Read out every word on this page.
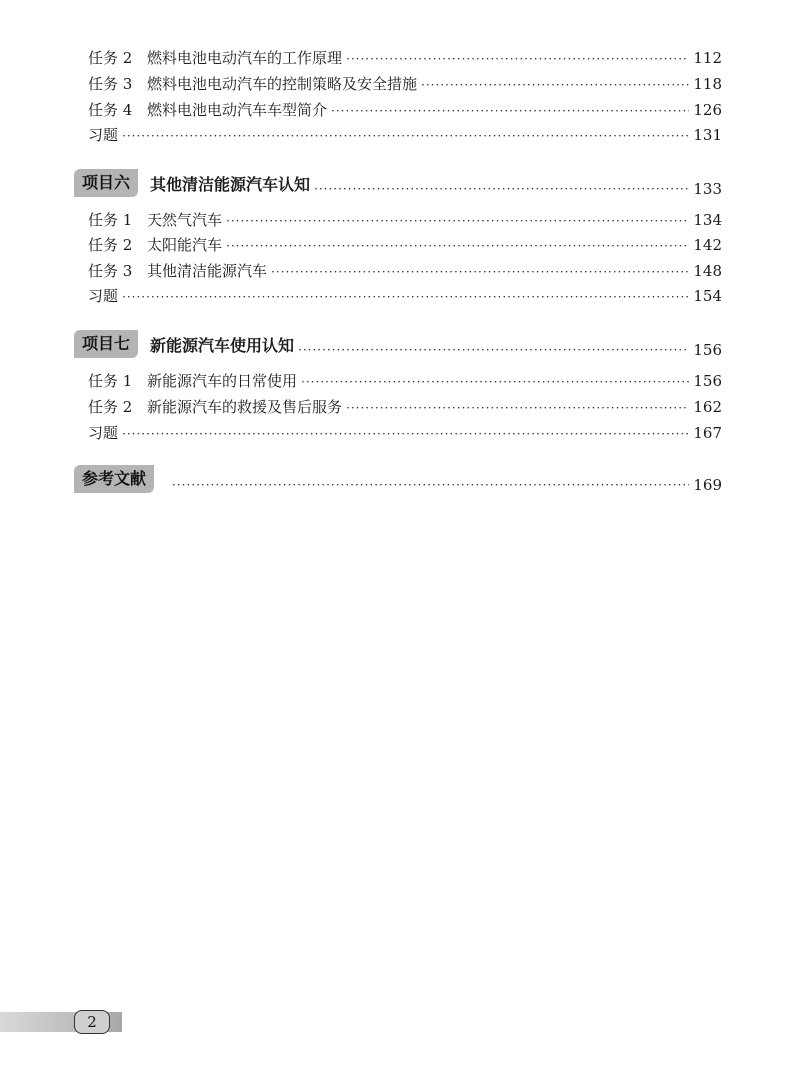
任务 2 燃料电池电动汽车的工作原理 ·····	112
任务 3 燃料电池电动汽车的控制策略及安全措施 ·····	118
任务 4 燃料电池电动汽车车型简介 ·····	126
习题 ·····	131
项目六	其他清洁能源汽车认知 ·····	133
任务 1 天然气汽车 ·····	134
任务 2 太阳能汽车 ·····	142
任务 3 其他清洁能源汽车 ·····	148
习题 ·····	154
项目七	新能源汽车使用认知 ·····	156
任务 1 新能源汽车的日常使用 ·····	156
任务 2 新能源汽车的救援及售后服务 ·····	162
习题 ·····	167
参考文献 ·····	169
2
